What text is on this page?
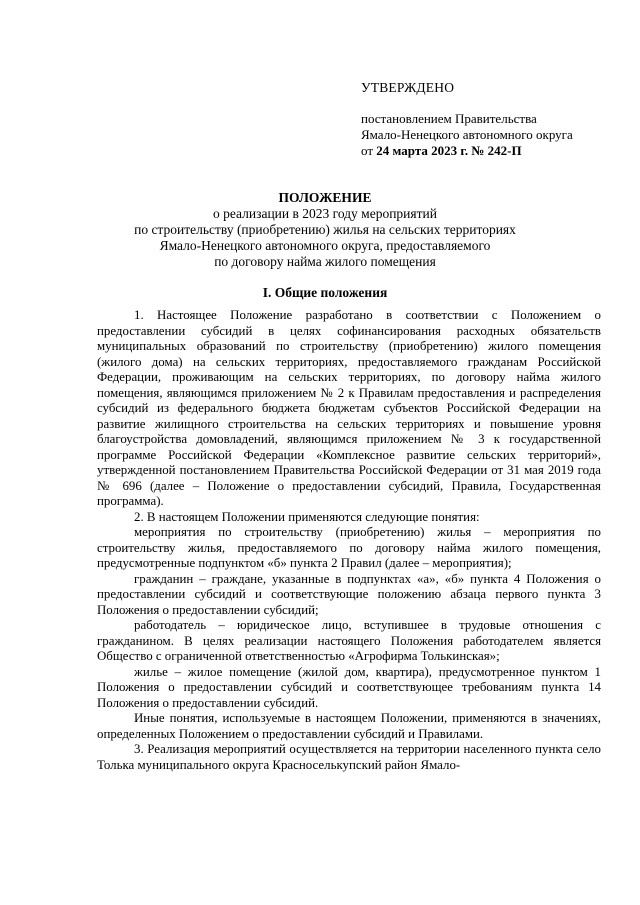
УТВЕРЖДЕНО
постановлением Правительства
Ямало-Ненецкого автономного округа
от 24 марта 2023 г. № 242-П
ПОЛОЖЕНИЕ
о реализации в 2023 году мероприятий
по строительству (приобретению) жилья на сельских территориях
Ямало-Ненецкого автономного округа, предоставляемого
по договору найма жилого помещения
I. Общие положения

1. Настоящее Положение разработано в соответствии с Положением о предоставлении субсидий в целях софинансирования расходных обязательств муниципальных образований по строительству (приобретению) жилого помещения (жилого дома) на сельских территориях, предоставляемого гражданам Российской Федерации, проживающим на сельских территориях, по договору найма жилого помещения, являющимся приложением № 2 к Правилам предоставления и распределения субсидий из федерального бюджета бюджетам субъектов Российской Федерации на развитие жилищного строительства на сельских территориях и повышение уровня благоустройства домовладений, являющимся приложением № 3 к государственной программе Российской Федерации «Комплексное развитие сельских территорий», утвержденной постановлением Правительства Российской Федерации от 31 мая 2019 года № 696 (далее – Положение о предоставлении субсидий, Правила, Государственная программа).

2. В настоящем Положении применяются следующие понятия:

мероприятия по строительству (приобретению) жилья – мероприятия по строительству жилья, предоставляемого по договору найма жилого помещения, предусмотренные подпунктом «б» пункта 2 Правил (далее – мероприятия);

гражданин – граждане, указанные в подпунктах «а», «б» пункта 4 Положения о предоставлении субсидий и соответствующие положению абзаца первого пункта 3 Положения о предоставлении субсидий;

работодатель – юридическое лицо, вступившее в трудовые отношения с гражданином. В целях реализации настоящего Положения работодателем является Общество с ограниченной ответственностью «Агрофирма Толькинская»;

жилье – жилое помещение (жилой дом, квартира), предусмотренное пунктом 1 Положения о предоставлении субсидий и соответствующее требованиям пункта 14 Положения о предоставлении субсидий.

Иные понятия, используемые в настоящем Положении, применяются в значениях, определенных Положением о предоставлении субсидий и Правилами.

3. Реализация мероприятий осуществляется на территории населенного пункта село Толька муниципального округа Красноселькупский район Ямало-
